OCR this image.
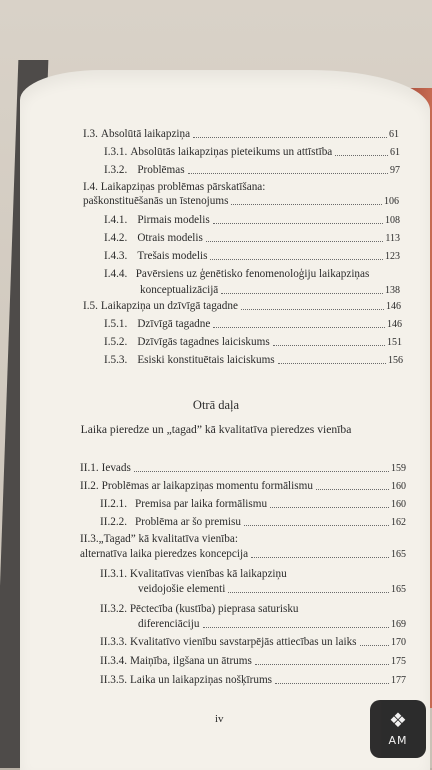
I.3. Absolūtā laikapziņa	61
I.3.1. Absolūtās laikapziņas pieteikums un attīstība	61
I.3.2. Problēmas	97
I.4. Laikapziņas problēmas pārskatīšana:
paškonstituēšanās un īstenojums	106
I.4.1. Pirmais modelis	108
I.4.2. Otrais modelis	113
I.4.3. Trešais modelis	123
I.4.4. Pavērsiens uz ģenētisko fenomenoloģiju laikapziņas
konceptualizācijā	138
I.5. Laikapziņa un dzīvīgā tagadne	146
I.5.1. Dzīvīgā tagadne	146
I.5.2. Dzīvīgās tagadnes laiciskums	151
I.5.3. Esiski konstituētais laiciskums	156
Otrā daļa
Laika pieredze un „tagad” kā kvalitatīva pieredzes vienība
II.1. Ievads	159
II.2. Problēmas ar laikapziņas momentu formālismu	160
II.2.1. Premisa par laika formālismu	160
II.2.2. Problēma ar šo premisu	162
II.3.„Tagad” kā kvalitatīva vienība:
alternatīva laika pieredzes koncepcija	165
II.3.1. Kvalitatīvas vienības kā laikapziņu
veidojošie elementi	165
II.3.2. Pēctecība (kustība) pieprasa saturisku
diferenciāciju	169
II.3.3. Kvalitatīvo vienību savstarpējās attiecības un laiks	170
II.3.4. Maiņība, ilgšana un ātrums	175
II.3.5. Laika un laikapziņas nošķīrums	177
iv	❖
AM
